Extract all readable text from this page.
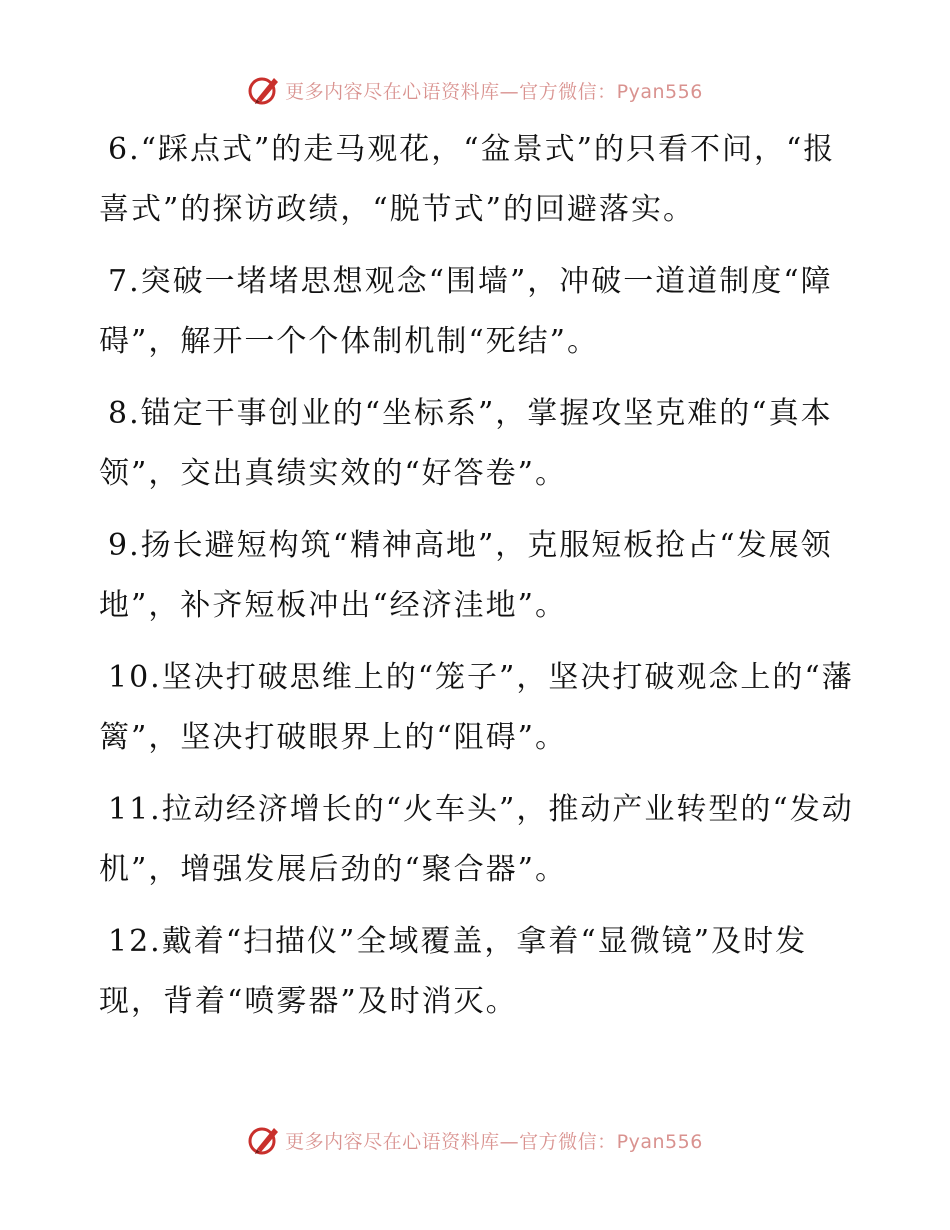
更多内容尽在心语资料库—官方微信：Pyan556

6.“踩点式”的走马观花，“盆景式”的只看不问，“报喜式”的探访政绩，“脱节式”的回避落实。

7.突破一堵堵思想观念“围墙”，冲破一道道制度“障碍”，解开一个个体制机制“死结”。

8.锚定干事创业的“坐标系”，掌握攻坚克难的“真本领”，交出真绩实效的“好答卷”。

9.扬长避短构筑“精神高地”，克服短板抢占“发展领地”，补齐短板冲出“经济洼地”。

10.坚决打破思维上的“笼子”，坚决打破观念上的“藩篱”，坚决打破眼界上的“阻碍”。

11.拉动经济增长的“火车头”，推动产业转型的“发动机”，增强发展后劲的“聚合器”。

12.戴着“扫描仪”全域覆盖，拿着“显微镜”及时发现，背着“喷雾器”及时消灭。

更多内容尽在心语资料库—官方微信：Pyan556
